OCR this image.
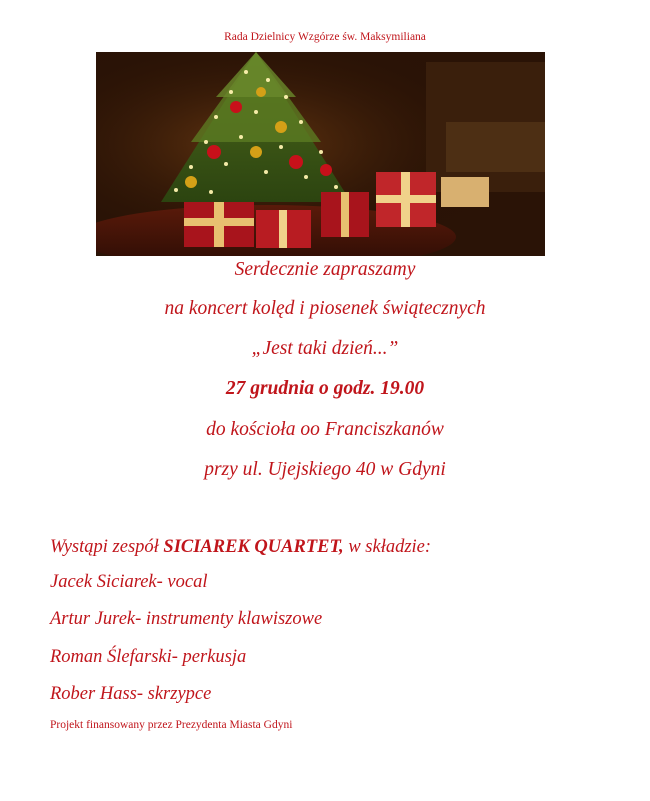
Rada Dzielnicy Wzgórze św. Maksymiliana
Serdecznie zapraszamy
na koncert kolęd i piosenek świątecznych
„Jest taki dzień...”
27 grudnia o godz. 19.00
do kościoła oo Franciszkanów
przy ul. Ujejskiego 40 w Gdyni
Wystąpi zespół SICIAREK QUARTET, w składzie:
Jacek Siciarek- vocal
Artur Jurek- instrumenty klawiszowe
Roman Ślefarski- perkusja
Rober Hass- skrzypce
Projekt finansowany przez Prezydenta Miasta Gdyni
